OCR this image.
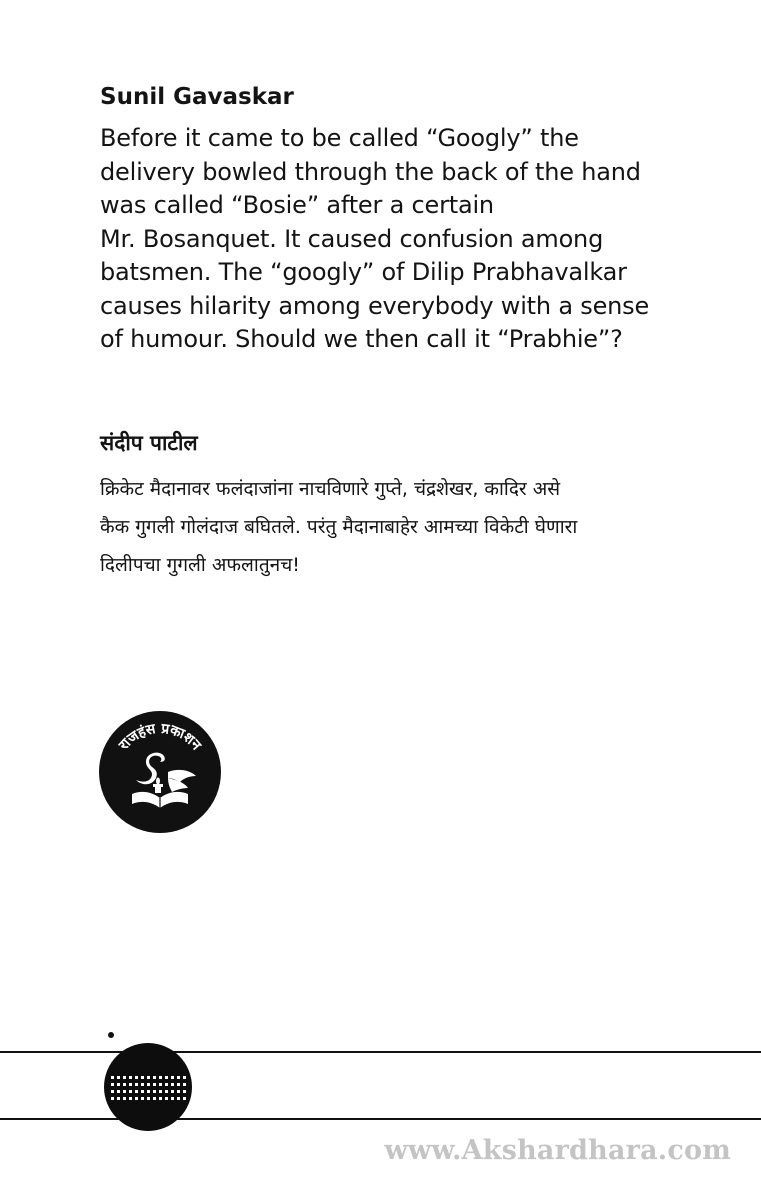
Sunil Gavaskar

Before it came to be called “Googly” the
delivery bowled through the back of the hand
was called “Bosie” after a certain
Mr. Bosanquet. It caused confusion among
batsmen. The “googly” of Dilip Prabhavalkar
causes hilarity among everybody with a sense
of humour. Should we then call it “Prabhie”?

संदीप पाटील

क्रिकेट मैदानावर फलंदाजांना नाचविणारे गुप्ते, चंद्रशेखर, कादिर असे
कैक गुगली गोलंदाज बघितले. परंतु मैदानाबाहेर आमच्या विकेटी घेणारा
दिलीपचा गुगली अफलातुनच!

राजहंस प्रकाशन
www.Akshardhara.com
